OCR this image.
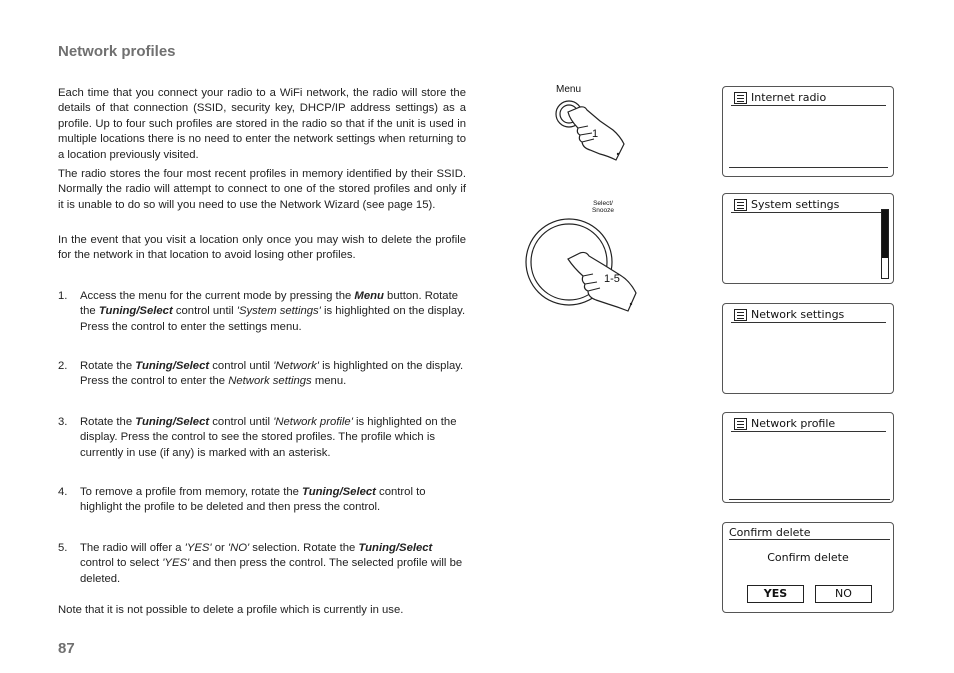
Network profiles

Each time that you connect your radio to a WiFi network, the radio will store the details of that connection (SSID, security key, DHCP/IP address settings) as a profile. Up to four such profiles are stored in the radio so that if the unit is used in multiple locations there is no need to enter the network settings when returning to a location previously visited.

The radio stores the four most recent profiles in memory identified by their SSID. Normally the radio will attempt to connect to one of the stored profiles and only if it is unable to do so will you need to use the Network Wizard (see page 15).

In the event that you visit a location only once you may wish to delete the profile for the network in that location to avoid losing other profiles.

1. Access the menu for the current mode by pressing the Menu button. Rotate the Tuning/Select control until 'System settings' is highlighted on the display. Press the control to enter the settings menu.
2. Rotate the Tuning/Select control until 'Network' is highlighted on the display. Press the control to enter the Network settings menu.
3. Rotate the Tuning/Select control until 'Network profile' is highlighted on the display. Press the control to see the stored profiles. The profile which is currently in use (if any) is marked with an asterisk.
4. To remove a profile from memory, rotate the Tuning/Select control to highlight the profile to be deleted and then press the control.
5. The radio will offer a 'YES' or 'NO' selection. Rotate the Tuning/Select control to select 'YES' and then press the control. The selected profile will be deleted.
Note that it is not possible to delete a profile which is currently in use.
87
Menu
1
Select/
Snooze
1-5
Internet radio
System settings
Network settings
Network profile
Confirm delete
Confirm delete
YES	NO
